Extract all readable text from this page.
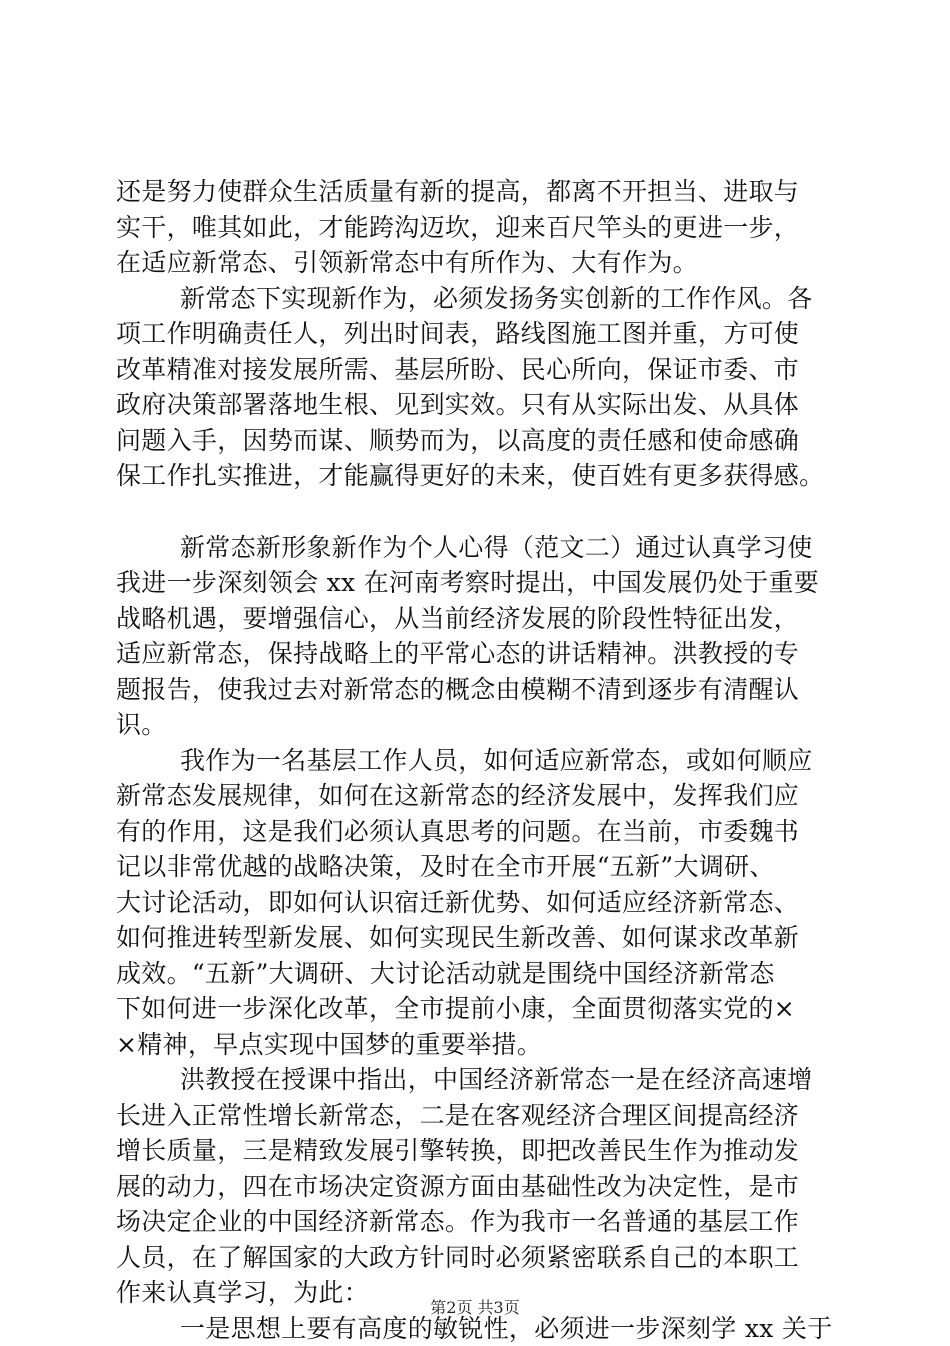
还是努力使群众生活质量有新的提高，都离不开担当、进取与
实干，唯其如此，才能跨沟迈坎，迎来百尺竿头的更进一步，
在适应新常态、引领新常态中有所作为、大有作为。
新常态下实现新作为，必须发扬务实创新的工作作风。各
项工作明确责任人，列出时间表，路线图施工图并重，方可使
改革精准对接发展所需、基层所盼、民心所向，保证市委、市
政府决策部署落地生根、见到实效。只有从实际出发、从具体
问题入手，因势而谋、顺势而为，以高度的责任感和使命感确
保工作扎实推进，才能赢得更好的未来，使百姓有更多获得感。
新常态新形象新作为个人心得（范文二）通过认真学习使
我进一步深刻领会 xx 在河南考察时提出，中国发展仍处于重要
战略机遇，要增强信心，从当前经济发展的阶段性特征出发，
适应新常态，保持战略上的平常心态的讲话精神。洪教授的专
题报告，使我过去对新常态的概念由模糊不清到逐步有清醒认
识。
我作为一名基层工作人员，如何适应新常态，或如何顺应
新常态发展规律，如何在这新常态的经济发展中，发挥我们应
有的作用，这是我们必须认真思考的问题。在当前，市委魏书
记以非常优越的战略决策，及时在全市开展“五新”大调研、
大讨论活动，即如何认识宿迁新优势、如何适应经济新常态、
如何推进转型新发展、如何实现民生新改善、如何谋求改革新
成效。“五新”大调研、大讨论活动就是围绕中国经济新常态
下如何进一步深化改革，全市提前小康，全面贯彻落实党的×
×精神，早点实现中国梦的重要举措。
洪教授在授课中指出，中国经济新常态一是在经济高速增
长进入正常性增长新常态，二是在客观经济合理区间提高经济
增长质量，三是精致发展引擎转换，即把改善民生作为推动发
展的动力，四在市场决定资源方面由基础性改为决定性，是市
场决定企业的中国经济新常态。作为我市一名普通的基层工作
人员，在了解国家的大政方针同时必须紧密联系自己的本职工
作来认真学习，为此：
一是思想上要有高度的敏锐性，必须进一步深刻学 xx 关于
第2页 共3页
